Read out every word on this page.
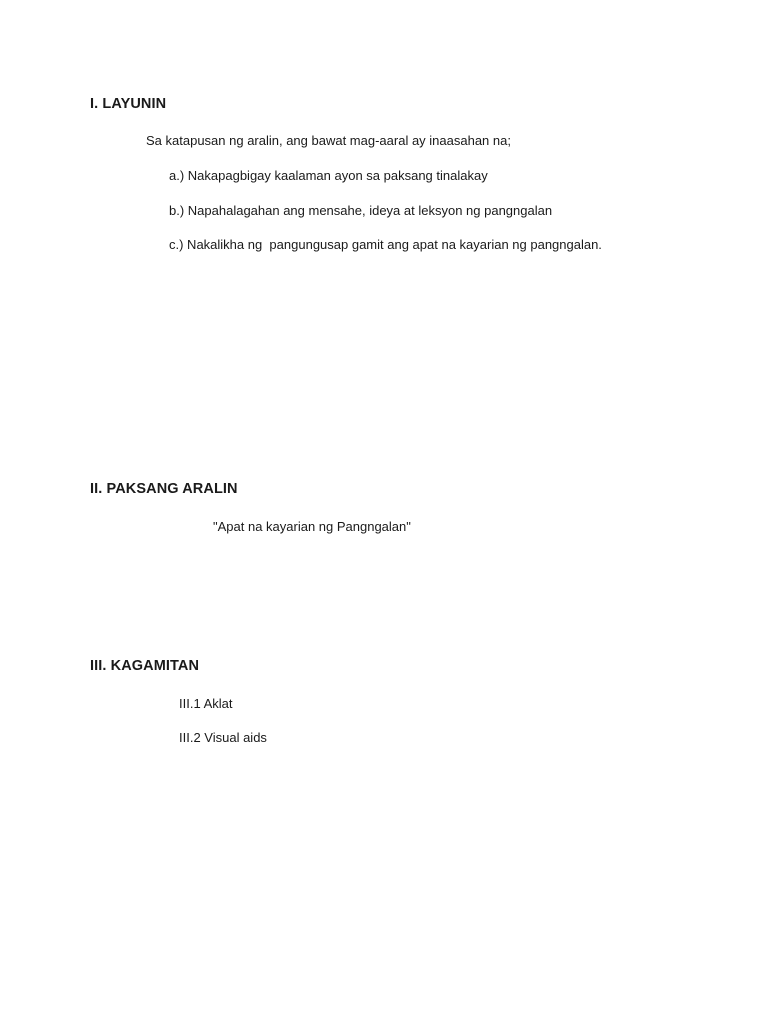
I. LAYUNIN
Sa katapusan ng aralin, ang bawat mag-aaral ay inaasahan na;
a.) Nakapagbigay kaalaman ayon sa paksang tinalakay
b.) Napahalagahan ang mensahe, ideya at leksyon ng pangngalan
c.) Nakalikha ng  pangungusap gamit ang apat na kayarian ng pangngalan.
II. PAKSANG ARALIN
"Apat na kayarian ng Pangngalan"
III. KAGAMITAN
III.1 Aklat
III.2 Visual aids
